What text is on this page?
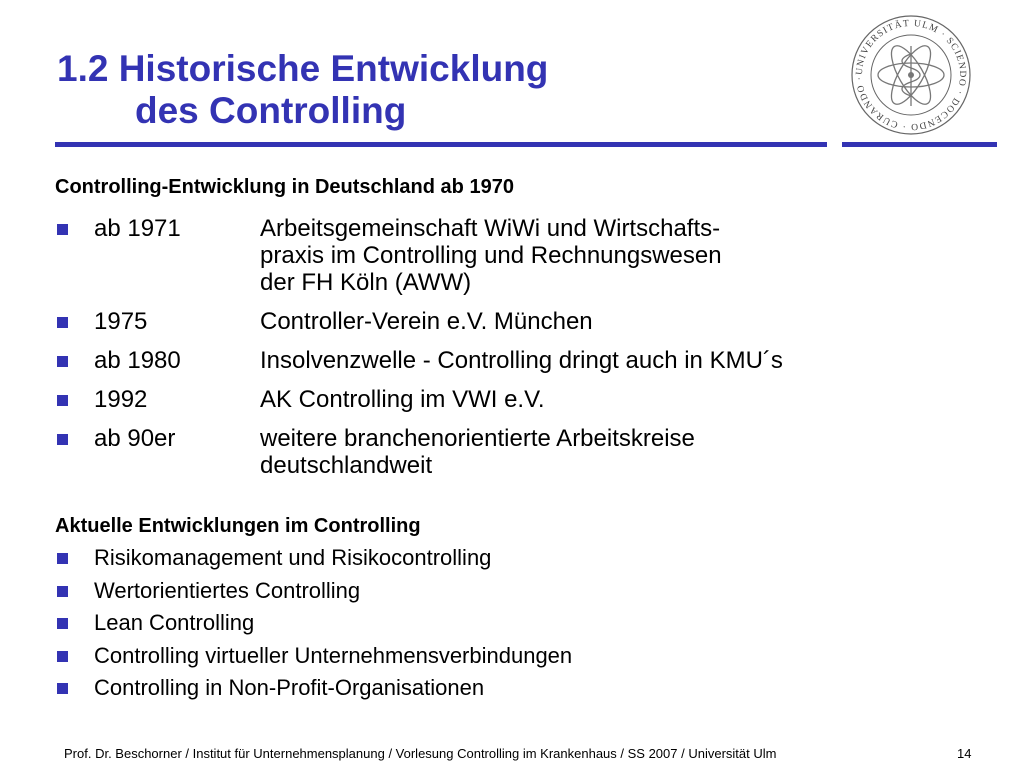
1.2 Historische Entwicklung
des Controlling
UNIVERSITÄT ULM · SCIENDO · DOCENDO · CURANDO ·
Controlling-Entwicklung in Deutschland ab 1970
ab 1971	Arbeitsgemeinschaft WiWi und Wirtschafts-
praxis im Controlling und Rechnungswesen
der FH Köln (AWW)
1975	Controller-Verein e.V. München
ab 1980	Insolvenzwelle - Controlling dringt auch in KMU´s
1992	AK Controlling im VWI e.V.
ab 90er	weitere branchenorientierte Arbeitskreise
deutschlandweit
Aktuelle Entwicklungen im Controlling
Risikomanagement und Risikocontrolling
Wertorientiertes Controlling
Lean Controlling
Controlling virtueller Unternehmensverbindungen
Controlling in Non-Profit-Organisationen
Prof. Dr. Beschorner / Institut für Unternehmensplanung / Vorlesung Controlling im Krankenhaus / SS 2007 / Universität Ulm	14
